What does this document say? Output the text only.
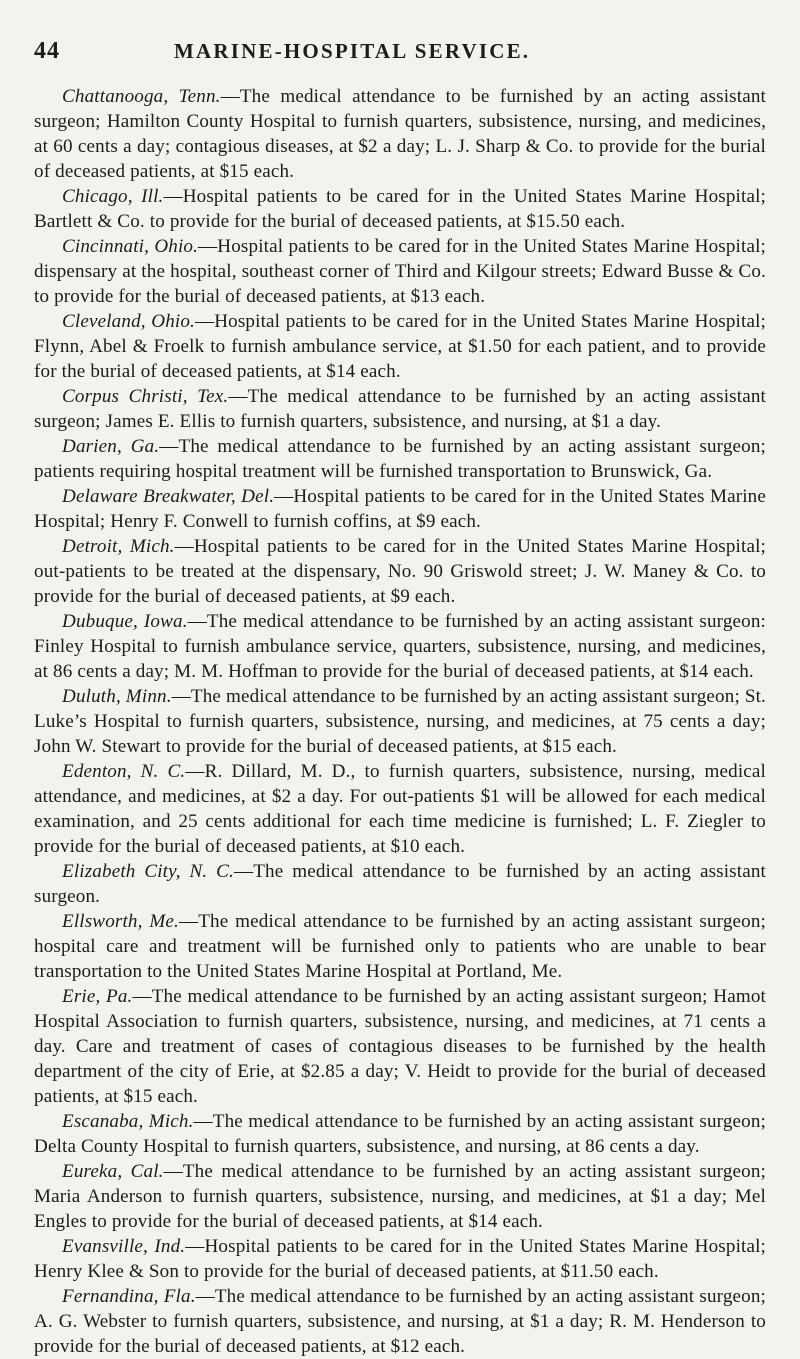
44	MARINE-HOSPITAL SERVICE.

Chattanooga, Tenn.—The medical attendance to be furnished by an acting assistant surgeon; Hamilton County Hospital to furnish quarters, subsistence, nursing, and medicines, at 60 cents a day; contagious diseases, at $2 a day; L. J. Sharp & Co. to provide for the burial of deceased patients, at $15 each.

Chicago, Ill.—Hospital patients to be cared for in the United States Marine Hospital; Bartlett & Co. to provide for the burial of deceased patients, at $15.50 each.

Cincinnati, Ohio.—Hospital patients to be cared for in the United States Marine Hospital; dispensary at the hospital, southeast corner of Third and Kilgour streets; Edward Busse & Co. to provide for the burial of deceased patients, at $13 each.

Cleveland, Ohio.—Hospital patients to be cared for in the United States Marine Hospital; Flynn, Abel & Froelk to furnish ambulance service, at $1.50 for each patient, and to provide for the burial of deceased patients, at $14 each.

Corpus Christi, Tex.—The medical attendance to be furnished by an acting assistant surgeon; James E. Ellis to furnish quarters, subsistence, and nursing, at $1 a day.

Darien, Ga.—The medical attendance to be furnished by an acting assistant surgeon; patients requiring hospital treatment will be furnished transportation to Brunswick, Ga.

Delaware Breakwater, Del.—Hospital patients to be cared for in the United States Marine Hospital; Henry F. Conwell to furnish coffins, at $9 each.

Detroit, Mich.—Hospital patients to be cared for in the United States Marine Hospital; out-patients to be treated at the dispensary, No. 90 Griswold street; J. W. Maney & Co. to provide for the burial of deceased patients, at $9 each.

Dubuque, Iowa.—The medical attendance to be furnished by an acting assistant surgeon: Finley Hospital to furnish ambulance service, quarters, subsistence, nursing, and medicines, at 86 cents a day; M. M. Hoffman to provide for the burial of deceased patients, at $14 each.

Duluth, Minn.—The medical attendance to be furnished by an acting assistant surgeon; St. Luke’s Hospital to furnish quarters, subsistence, nursing, and medicines, at 75 cents a day; John W. Stewart to provide for the burial of deceased patients, at $15 each.

Edenton, N. C.—R. Dillard, M. D., to furnish quarters, subsistence, nursing, medical attendance, and medicines, at $2 a day. For out-patients $1 will be allowed for each medical examination, and 25 cents additional for each time medicine is furnished; L. F. Ziegler to provide for the burial of deceased patients, at $10 each.

Elizabeth City, N. C.—The medical attendance to be furnished by an acting assistant surgeon.

Ellsworth, Me.—The medical attendance to be furnished by an acting assistant surgeon; hospital care and treatment will be furnished only to patients who are unable to bear transportation to the United States Marine Hospital at Portland, Me.

Erie, Pa.—The medical attendance to be furnished by an acting assistant surgeon; Hamot Hospital Association to furnish quarters, subsistence, nursing, and medicines, at 71 cents a day. Care and treatment of cases of contagious diseases to be furnished by the health department of the city of Erie, at $2.85 a day; V. Heidt to provide for the burial of deceased patients, at $15 each.

Escanaba, Mich.—The medical attendance to be furnished by an acting assistant surgeon; Delta County Hospital to furnish quarters, subsistence, and nursing, at 86 cents a day.

Eureka, Cal.—The medical attendance to be furnished by an acting assistant surgeon; Maria Anderson to furnish quarters, subsistence, nursing, and medicines, at $1 a day; Mel Engles to provide for the burial of deceased patients, at $14 each.

Evansville, Ind.—Hospital patients to be cared for in the United States Marine Hospital; Henry Klee & Son to provide for the burial of deceased patients, at $11.50 each.

Fernandina, Fla.—The medical attendance to be furnished by an acting assistant surgeon; A. G. Webster to furnish quarters, subsistence, and nursing, at $1 a day; R. M. Henderson to provide for the burial of deceased patients, at $12 each.
